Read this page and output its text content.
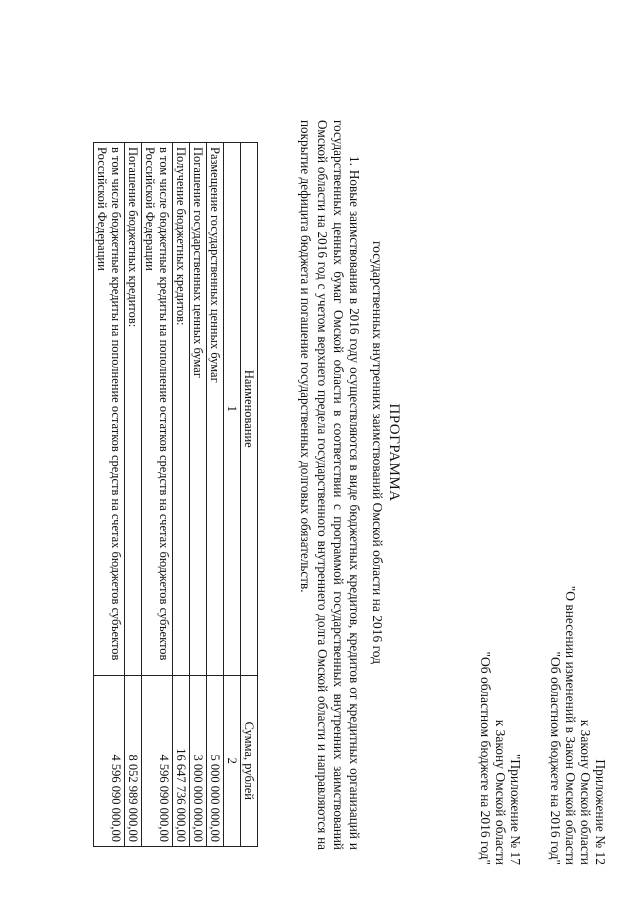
Приложение № 12
к Закону Омской области
"О внесении изменений в Закон Омской области
"Об областном бюджете на 2016 год"
"Приложение № 17
к Закону Омской области
"Об областном бюджете на 2016 год"
ПРОГРАММА
государственных внутренних заимствований Омской области на 2016 год
1. Новые заимствования в 2016 году осуществляются в виде бюджетных кредитов, кредитов от кредитных организаций и государственных ценных бумаг Омской области в соответствии с программой государственных внутренних заимствований Омской области на 2016 год с учетом верхнего предела государственного внутреннего долга Омской области и направляются на покрытие дефицита бюджета и погашение государственных долговых обязательств.
Наименование	Сумма, рублей
1	2
Размещение государственных ценных бумаг	5 000 000 000,00
Погашение государственных ценных бумаг	3 000 000 000,00
Получение бюджетных кредитов:	16 647 736 000,00
в том числе бюджетные кредиты на пополнение остатков средств на счетах бюджетов субъектов Российской Федерации	4 596 090 000,00
Погашение бюджетных кредитов:	8 052 989 000,00
в том числе бюджетные кредиты на пополнение остатков средств на счетах бюджетов субъектов Российской Федерации	4 596 090 000,00
